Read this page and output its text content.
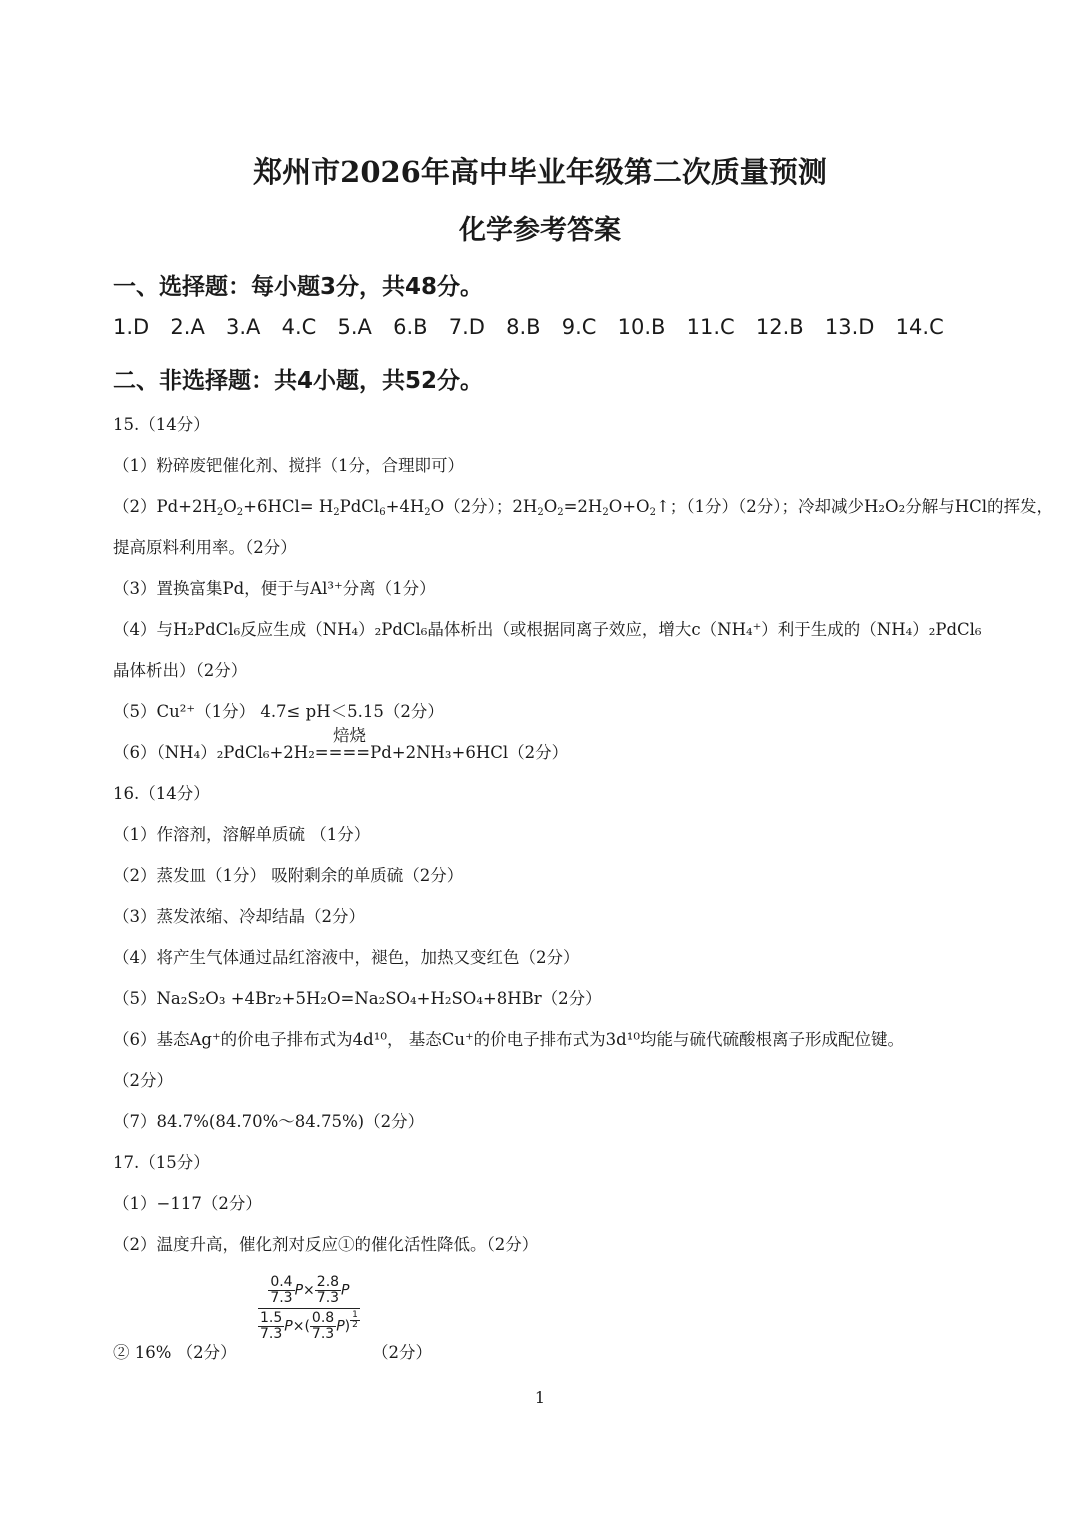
郑州市2026年高中毕业年级第二次质量预测
化学参考答案
一、选择题：每小题3分，共48分。
1.D 2.A 3.A 4.C 5.A 6.B 7.D 8.B 9.C 10.B 11.C 12.B 13.D 14.C
二、非选择题：共4小题，共52分。
15.（14分）
（1）粉碎废钯催化剂、搅拌（1分，合理即可）
$(2)Pd+2H_2O_2+6HCl=$ $H_2PdCl_6+4H_2O(2$分）；$2H_2O_2=2H_2O+O_2↑$；（1分）（2分）；冷却减少H₂O₂分解与HCl的挥发，
提高原料利用率。（2分）
（3）置换富集Pd，便于与Al³⁺分离（1分）
（4）与H₂PdCl₆反应生成（NH₄）₂PdCl₆晶体析出（或根据同离子效应，增大c（NH₄⁺）利于生成的（NH₄）₂PdCl₆
晶体析出）（2分）
（5）Cu²⁺（1分） 4.7≤ pH＜5.15（2分）
焙烧
（6）（NH₄）₂PdCl₆+2H₂====Pd+2NH₃+6HCl（2分）
16.（14分）
（1）作溶剂，溶解单质硫 （1分）
（2）蒸发皿（1分） 吸附剩余的单质硫（2分）
（3）蒸发浓缩、冷却结晶（2分）
（4）将产生气体通过品红溶液中，褪色，加热又变红色（2分）
（5）Na₂S₂O₃ +4Br₂+5H₂O=Na₂SO₄+H₂SO₄+8HBr（2分）
（6）基态Ag⁺的价电子排布式为4d¹⁰， 基态Cu⁺的价电子排布式为3d¹⁰均能与硫代硫酸根离子形成配位键。
（2分）
（7）84.7%(84.70%～84.75%)（2分）
17.（15分）
（1）−117（2分）
（2）温度升高，催化剂对反应①的催化活性降低。（2分）
② 16% （2分）
$\frac{0.4}{7.3} P\times \frac{2.8}{7.3}$ P
$\frac{1.5}{7.3} P\times( \frac{0.8}{7.3} P)$ $^{\frac{1}{2}}$
（2分）
1
